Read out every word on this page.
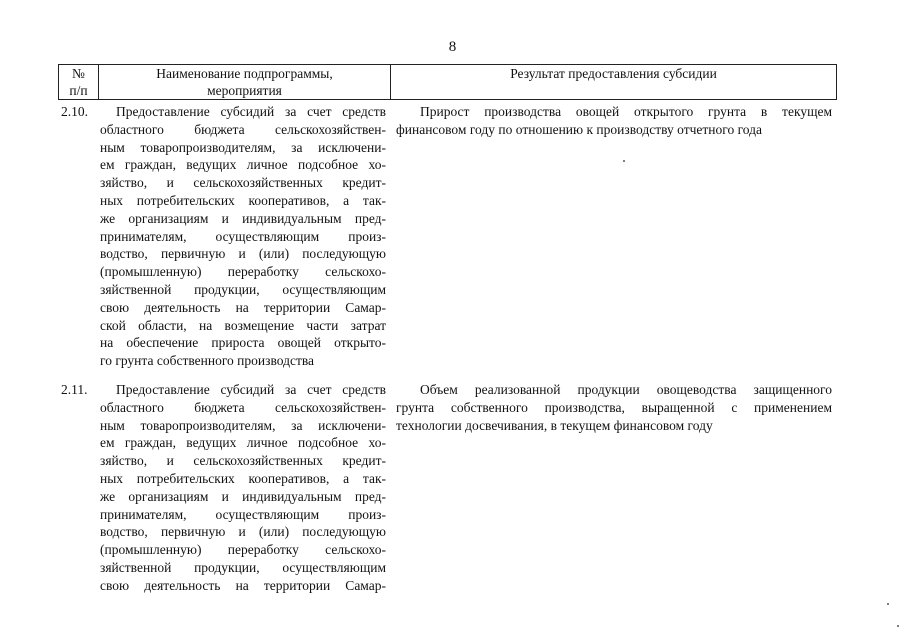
8
№
п/п
Наименование подпрограммы,
мероприятия
Результат предоставления субсидии
2.10.	Предоставление субсидий за счет средств
областного бюджета сельскохозяйствен-
ным товаропроизводителям, за исключени-
ем граждан, ведущих личное подсобное хо-
зяйство, и сельскохозяйственных кредит-
ных потребительских кооперативов, а так-
же организациям и индивидуальным пред-
принимателям, осуществляющим произ-
водство, первичную и (или) последующую
(промышленную) переработку сельскохо-
зяйственной продукции, осуществляющим
свою деятельность на территории Самар-
ской области, на возмещение части затрат
на обеспечение прироста овощей открыто-
го грунта собственного производства
Прирост производства овощей открытого грунта в текущем
финансовом году по отношению к производству отчетного года
2.11.	Предоставление субсидий за счет средств
областного бюджета сельскохозяйствен-
ным товаропроизводителям, за исключени-
ем граждан, ведущих личное подсобное хо-
зяйство, и сельскохозяйственных кредит-
ных потребительских кооперативов, а так-
же организациям и индивидуальным пред-
принимателям, осуществляющим произ-
водство, первичную и (или) последующую
(промышленную) переработку сельскохо-
зяйственной продукции, осуществляющим
свою деятельность на территории Самар-
Объем реализованной продукции овощеводства защищенного
грунта собственного производства, выращенной с применением
технологии досвечивания, в текущем финансовом году
